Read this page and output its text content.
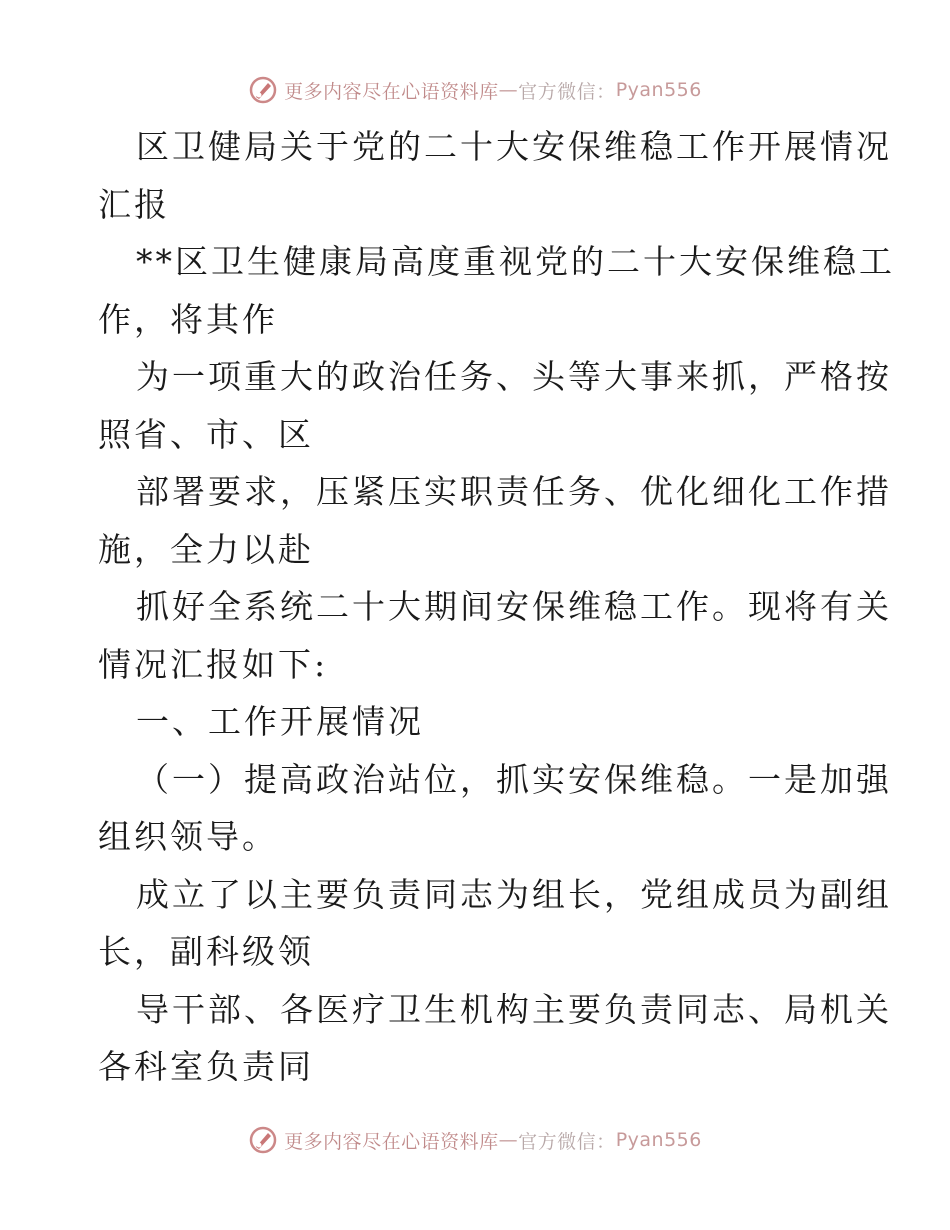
更多内容尽在心语资料库 — 官方微信： Pyan556
区卫健局关于党的二十大安保维稳工作开展情况
汇报
**区卫生健康局高度重视党的二十大安保维稳工
作，将其作
为一项重大的政治任务、头等大事来抓，严格按
照省、市、区
部署要求，压紧压实职责任务、优化细化工作措
施，全力以赴
抓好全系统二十大期间安保维稳工作。现将有关
情况汇报如下:
一、工作开展情况
（一）提高政治站位，抓实安保维稳。一是加强
组织领导。
成立了以主要负责同志为组长，党组成员为副组
长，副科级领
导干部、各医疗卫生机构主要负责同志、局机关
各科室负责同
更多内容尽在心语资料库 — 官方微信： Pyan556
